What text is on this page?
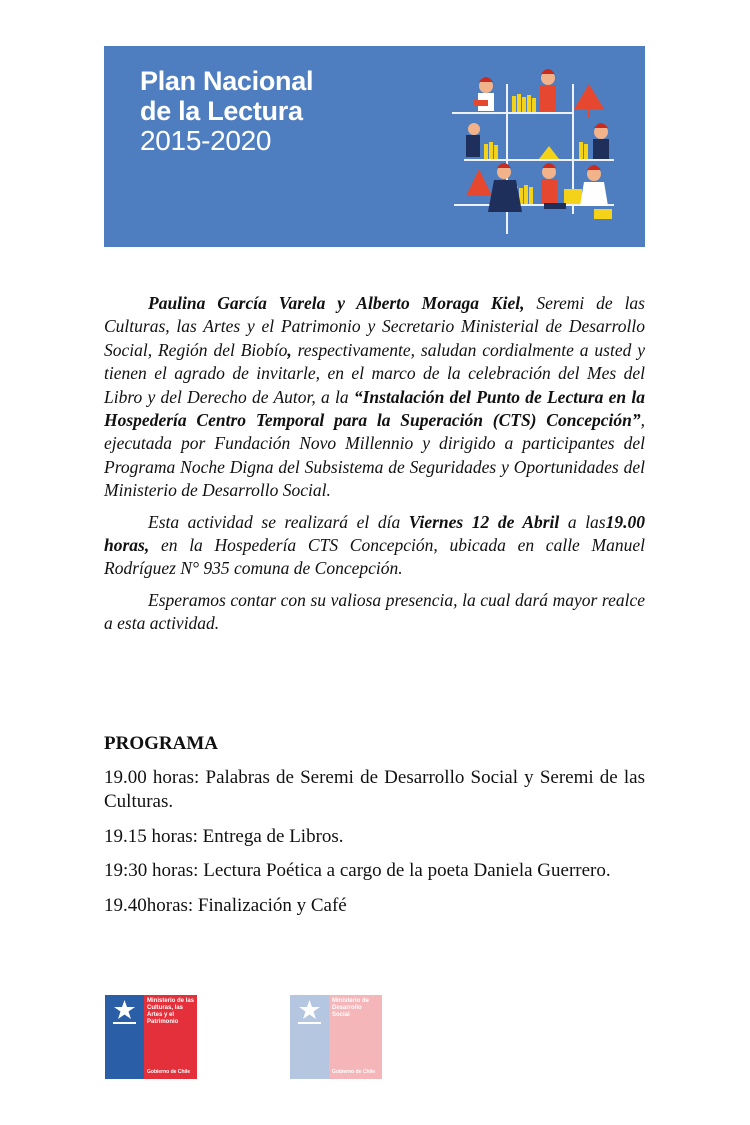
Plan Nacional
de la Lectura
2015-2020

Paulina García Varela y Alberto Moraga Kiel, Seremi de las Culturas, las Artes y el Patrimonio y Secretario Ministerial de Desarrollo Social, Región del Biobío, respectivamente, saludan cordialmente a usted y tienen el agrado de invitarle, en el marco de la celebración del Mes del Libro y del Derecho de Autor, a la “Instalación del Punto de Lectura en la Hospedería Centro Temporal para la Superación (CTS) Concepción”, ejecutada por Fundación Novo Millennio y dirigido a participantes del Programa Noche Digna del Subsistema de Seguridades y Oportunidades del Ministerio de Desarrollo Social.

Esta actividad se realizará el día Viernes 12 de Abril a las19.00 horas, en la Hospedería CTS Concepción, ubicada en calle Manuel Rodríguez N° 935 comuna de Concepción.

Esperamos contar con su valiosa presencia, la cual dará mayor realce a esta actividad.

PROGRAMA

19.00 horas: Palabras de Seremi de Desarrollo Social y Seremi de las Culturas.

19.15 horas: Entrega de Libros.

19:30 horas: Lectura Poética a cargo de la poeta Daniela Guerrero.

19.40horas: Finalización y Café

Ministerio de las Culturas, las Artes y el Patrimonio
Gobierno de Chile
Ministerio de Desarrollo Social
Gobierno de Chile
